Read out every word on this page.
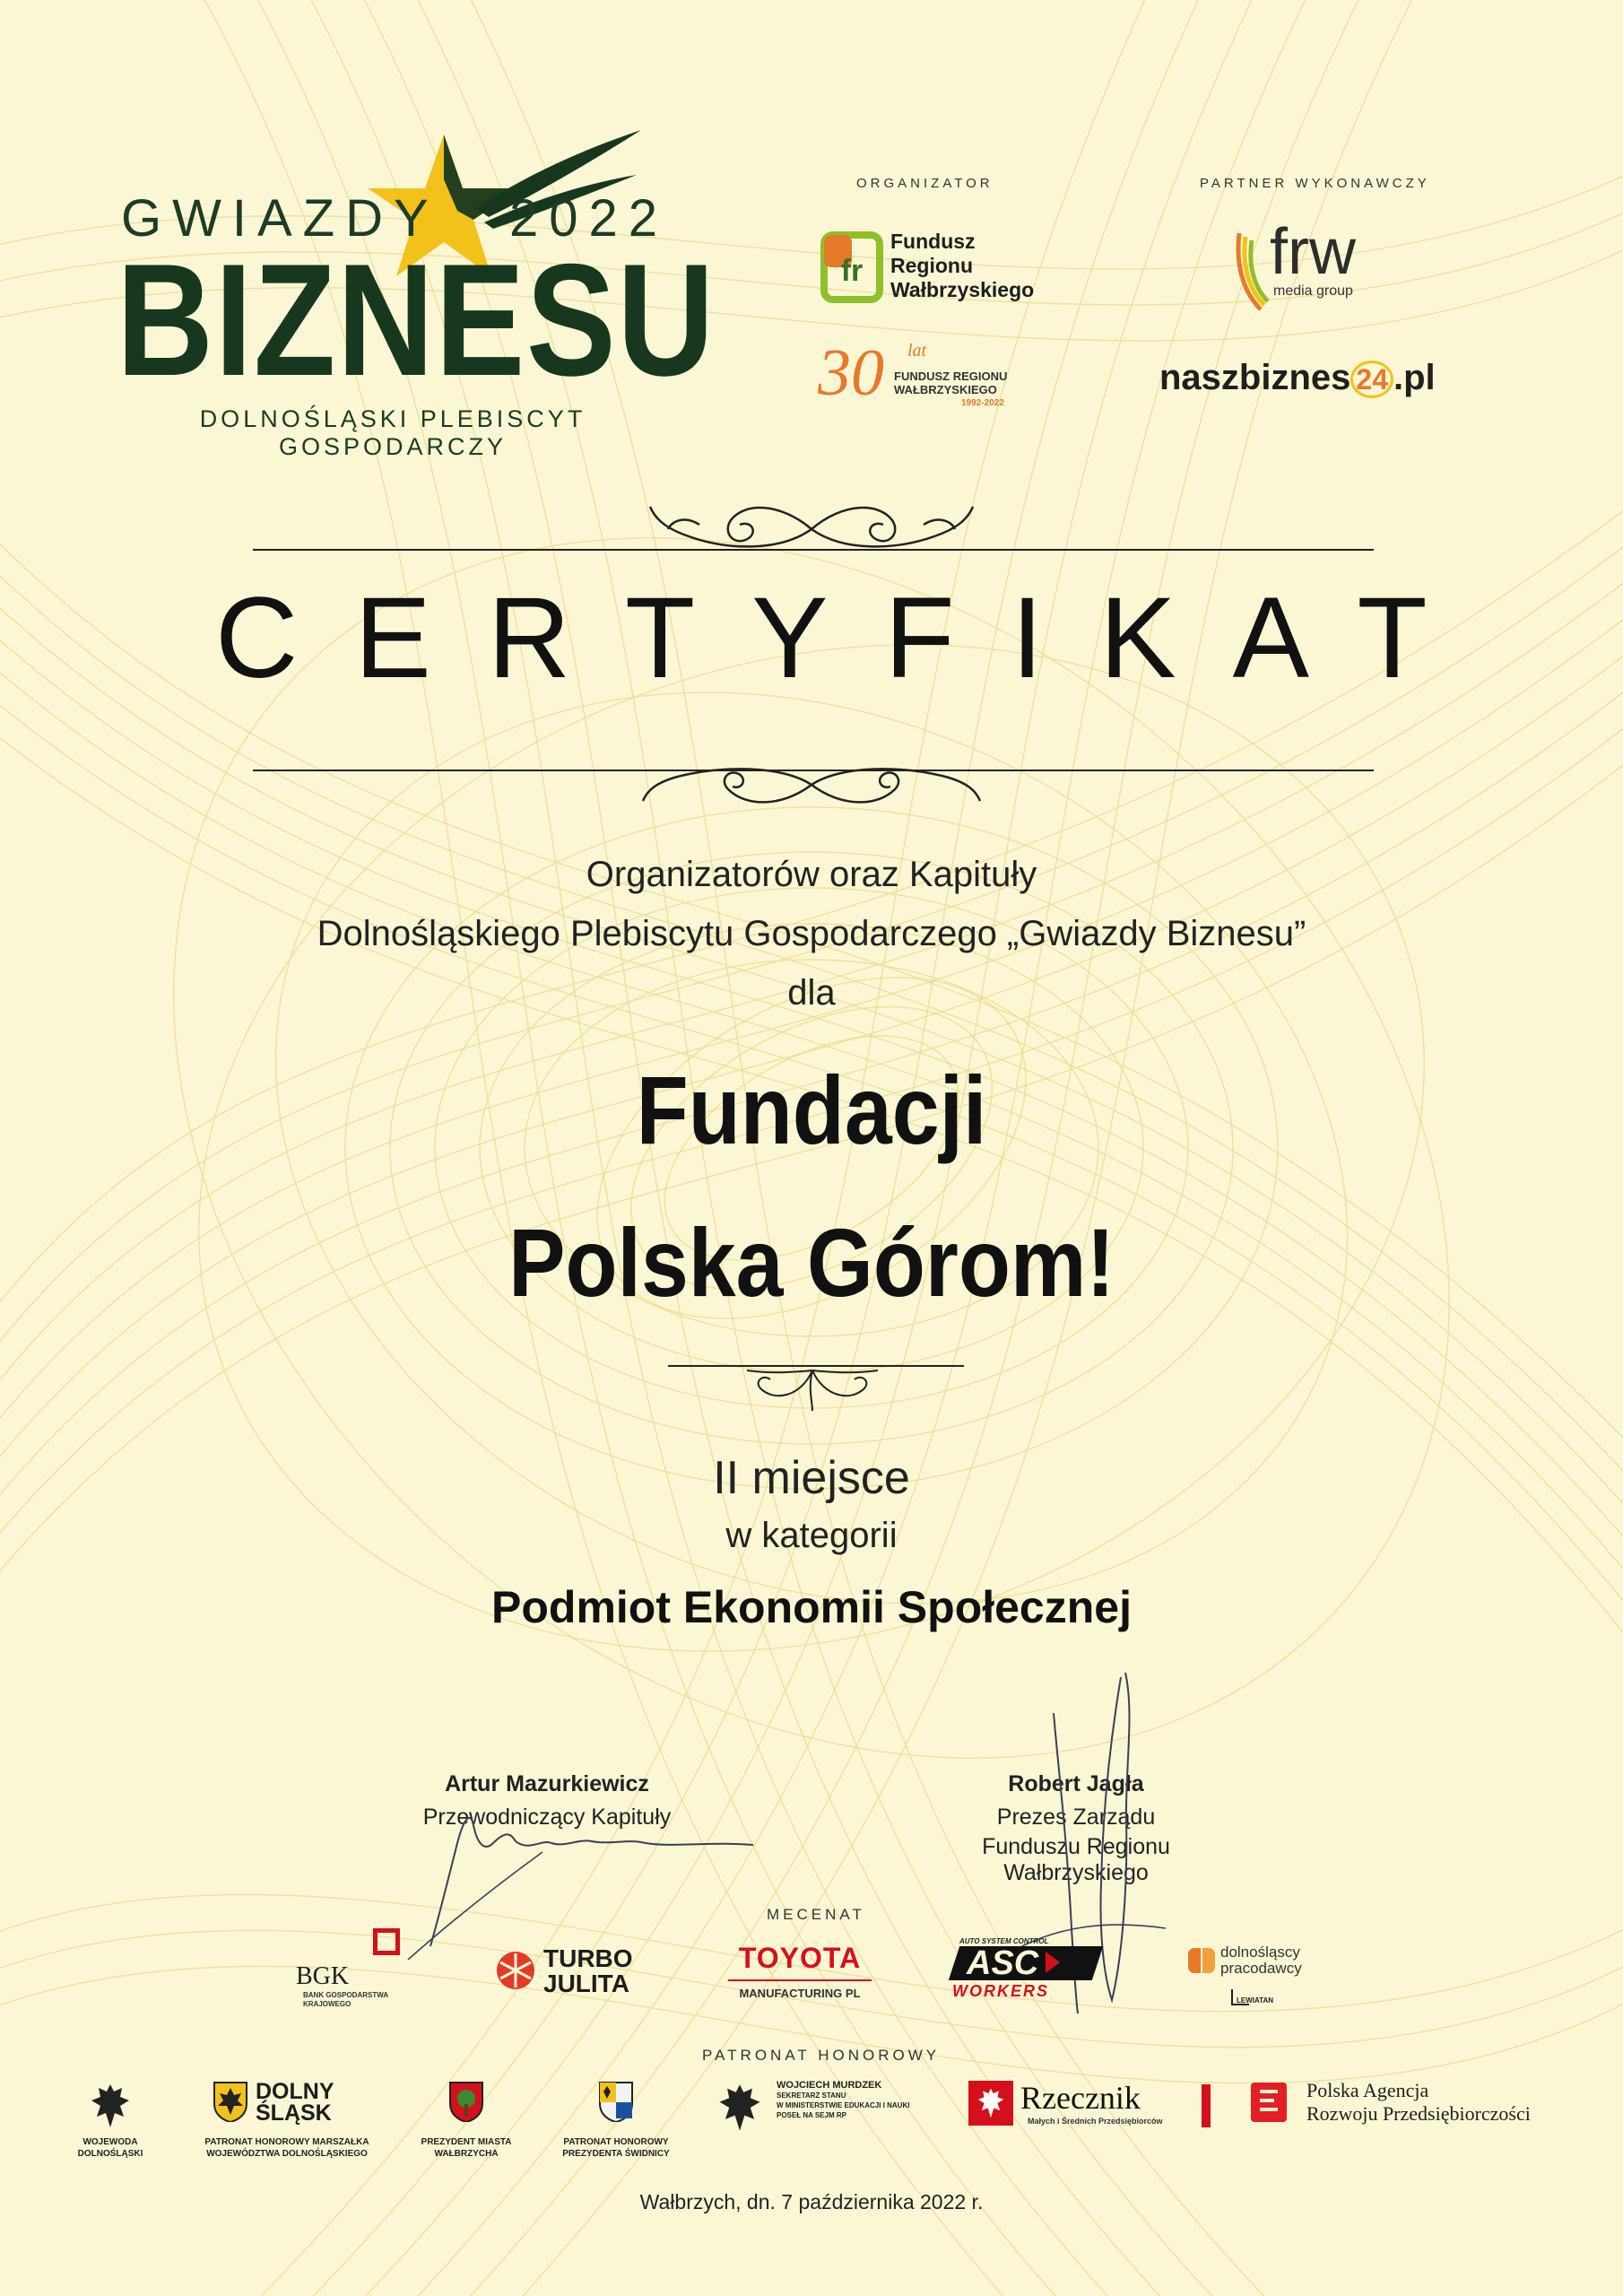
GWIAZDY 2022
BIZNESU
DOLNOŚLĄSKI PLEBISCYT GOSPODARCZY
ORGANIZATOR
fr
Fundusz
Regionu
Wałbrzyskiego
30 lat
FUNDUSZ REGIONU
WAŁBRZYSKIEGO
1992-2022
PARTNER WYKONAWCZY
frw
media group
naszbiznes 24 .pl
CERTYFIKAT
Organizatorów oraz Kapituły
Dolnośląskiego Plebiscytu Gospodarczego „Gwiazdy Biznesu”
dla
Fundacji
Polska Górom!
II miejsce
w kategorii
Podmiot Ekonomii Społecznej
Artur Mazurkiewicz
Przewodniczący Kapituły
Robert Jagła
Prezes Zarządu
Funduszu Regionu Wałbrzyskiego
MECENAT
BGK
BANK GOSPODARSTWA
KRAJOWEGO
TURBO
JULITA
TOYOTA
MANUFACTURING PL
AUTO SYSTEM CONTROL
ASC
WORKERS
dolnośląscy
pracodawcy
LEWIATAN
PATRONAT HONOROWY
WOJEWODA
DOLNOŚLĄSKI
DOLNY
ŚLĄSK
PATRONAT HONOROWY MARSZAŁKA
WOJEWÓDZTWA DOLNOŚLĄSKIEGO
PREZYDENT MIASTA
WAŁBRZYCHA
PATRONAT HONOROWY
PREZYDENTA ŚWIDNICY
WOJCIECH MURDZEK
SEKRETARZ STANU
W MINISTERSTWIE EDUKACJI I NAUKI
POSEŁ NA SEJM RP	Rzecznik
Małych i Średnich Przedsiębiorców
Polska Agencja
Rozwoju Przedsiębiorczości
Wałbrzych, dn. 7 października 2022 r.
